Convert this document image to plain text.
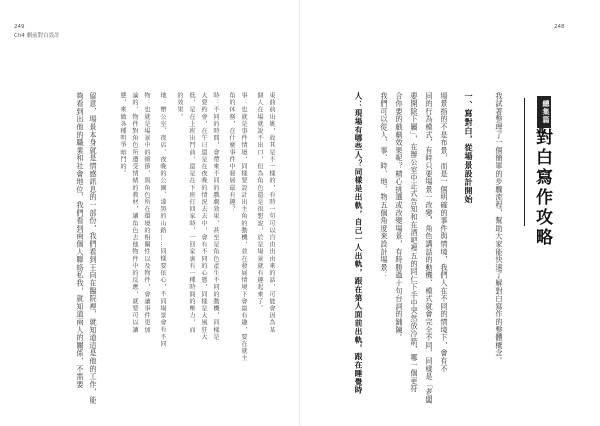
249
Ch4 劇前對白設計
248
總集篇
對白寫作攻略
我試著整理了一個簡單的步驟流程，幫助大家能快速了解對白寫作的整體概念。
一、寫對白，從場景設計開始
場景指的不是布景，而是一個明確的事件與情境，我們人在不同的情境下，會有不
同的行為模式，有時只要場景一改變，角色講話的動機、模式就會完全不同，同樣是「老闆
要開除下屬」，在辦公室中正式告知和在酒吧裡五的同仁下手中突然放冷箭，哪一個更符
合你要的戲劇效果呢？精心挑選或改變場景，有時勝過十句台詞的鋪陳。
我們可以從人、事、時、地、物五個角度來設計場景：
人：現場有哪些人？同樣是出軌，自己一人出軌，跟在第人面前出軌，跟在睡覺時
東曲前出姚，故其是不一樣的，有時一句可以自由出由來的話，可能會因為某
個人在場就說不出口，但為角色還是很想說，於是場景就有趣起來了。
事：也就是事件情境，同樣要設計出主角的動機，並在發展情境下會最有趣，要在就主
角的休務，在什麼事件中發展最有趣？
時：不同的時間，會帶來不同的戲劇效果，甚至是角色產生不同的動機，同樣是
大要約會，在午日還是在夜晚的情況去去中，會有不同的心態，同樣是大風狂大
低，是在上班出門前，還是在下班打回家時，一回家裏有一種時間的壓力，而
的效果。
地：辦公室、夜店、夜晚的公園、漆黑的山路……同樣要依心，不同場景會有不同
物：也就是場景中的細節，與角色所在環境的相關性以及物件，會讓事件更加
論的，物件對角色所遭受情緒的教材，讓角色去他物件中的反應，就要可以讓
態，來做各種明爭暗鬥的。
留意，場景本身就是情感訊息的一部份，我們看到王向在醫院裡，就知道這是他的工作，能夠看到出他的職業和社會地位，我們看到兩個人聯絡私我，就知道兩人的關係，不需要
